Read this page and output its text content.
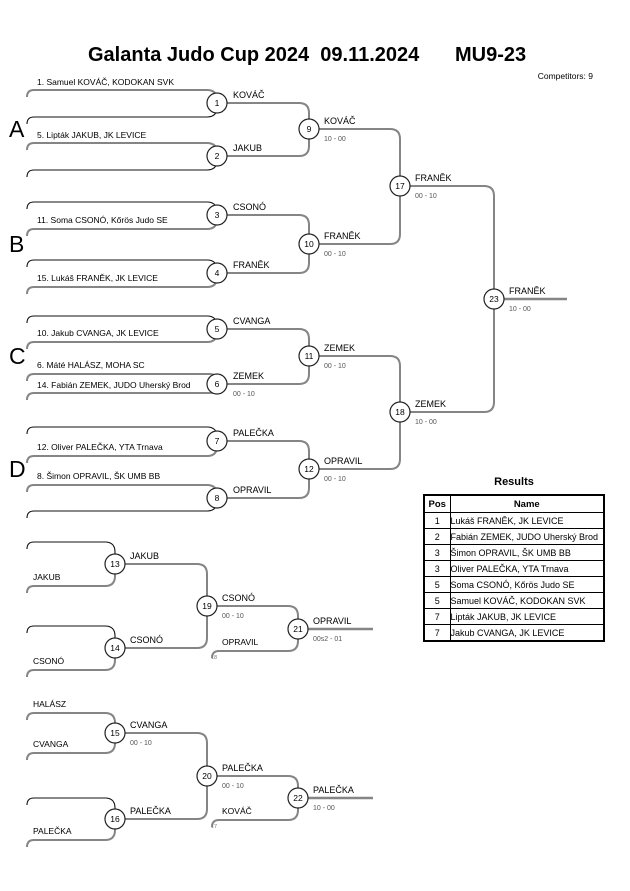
Galanta Judo Cup 2024  09.11.2024 MU9-23
Competitors: 9
A
B
C
D
1. Samuel KOVÁČ, KODOKAN SVK
5. Lipták JAKUB, JK LEVICE
11. Soma CSONÓ, Kőrös Judo SE
15. Lukáš FRANĚK, JK LEVICE
10. Jakub CVANGA, JK LEVICE
6. Máté HALÁSZ, MOHA SC
14. Fabián ZEMEK, JUDO Uherský Brod
12. Oliver PALEČKA, YTA Trnava
8. Šimon OPRAVIL, ŠK UMB BB
JAKUB
CSONÓ
HALÁSZ
CVANGA
PALEČKA
OPRAVIL
18
KOVÁČ
17
1
2
3
4
5
6
7
8
9
10
11
12
17
18
23
13
14
19
21
15
16
20
22
KOVÁČ
JAKUB
CSONÓ
FRANĚK
CVANGA
ZEMEK
00 - 10
PALEČKA
OPRAVIL
KOVÁČ
10 - 00
FRANĚK
00 - 10
ZEMEK
00 - 10
OPRAVIL
00 - 10
FRANĚK
00 - 10
ZEMEK
10 - 00
FRANĚK
10 - 00
JAKUB
CSONÓ
CSONÓ
00 - 10	OPRAVIL
00s2 - 01
CVANGA
00 - 10
PALEČKA
PALEČKA
00 - 10	PALEČKA
10 - 00
Results
Pos	Name
1	Lukáš FRANĚK, JK LEVICE
2	Fabián ZEMEK, JUDO Uherský Brod
3	Šimon OPRAVIL, ŠK UMB BB
3	Oliver PALEČKA, YTA Trnava
5	Soma CSONÓ, Kőrös Judo SE
5	Samuel KOVÁČ, KODOKAN SVK
7	Lipták JAKUB, JK LEVICE
7	Jakub CVANGA, JK LEVICE
